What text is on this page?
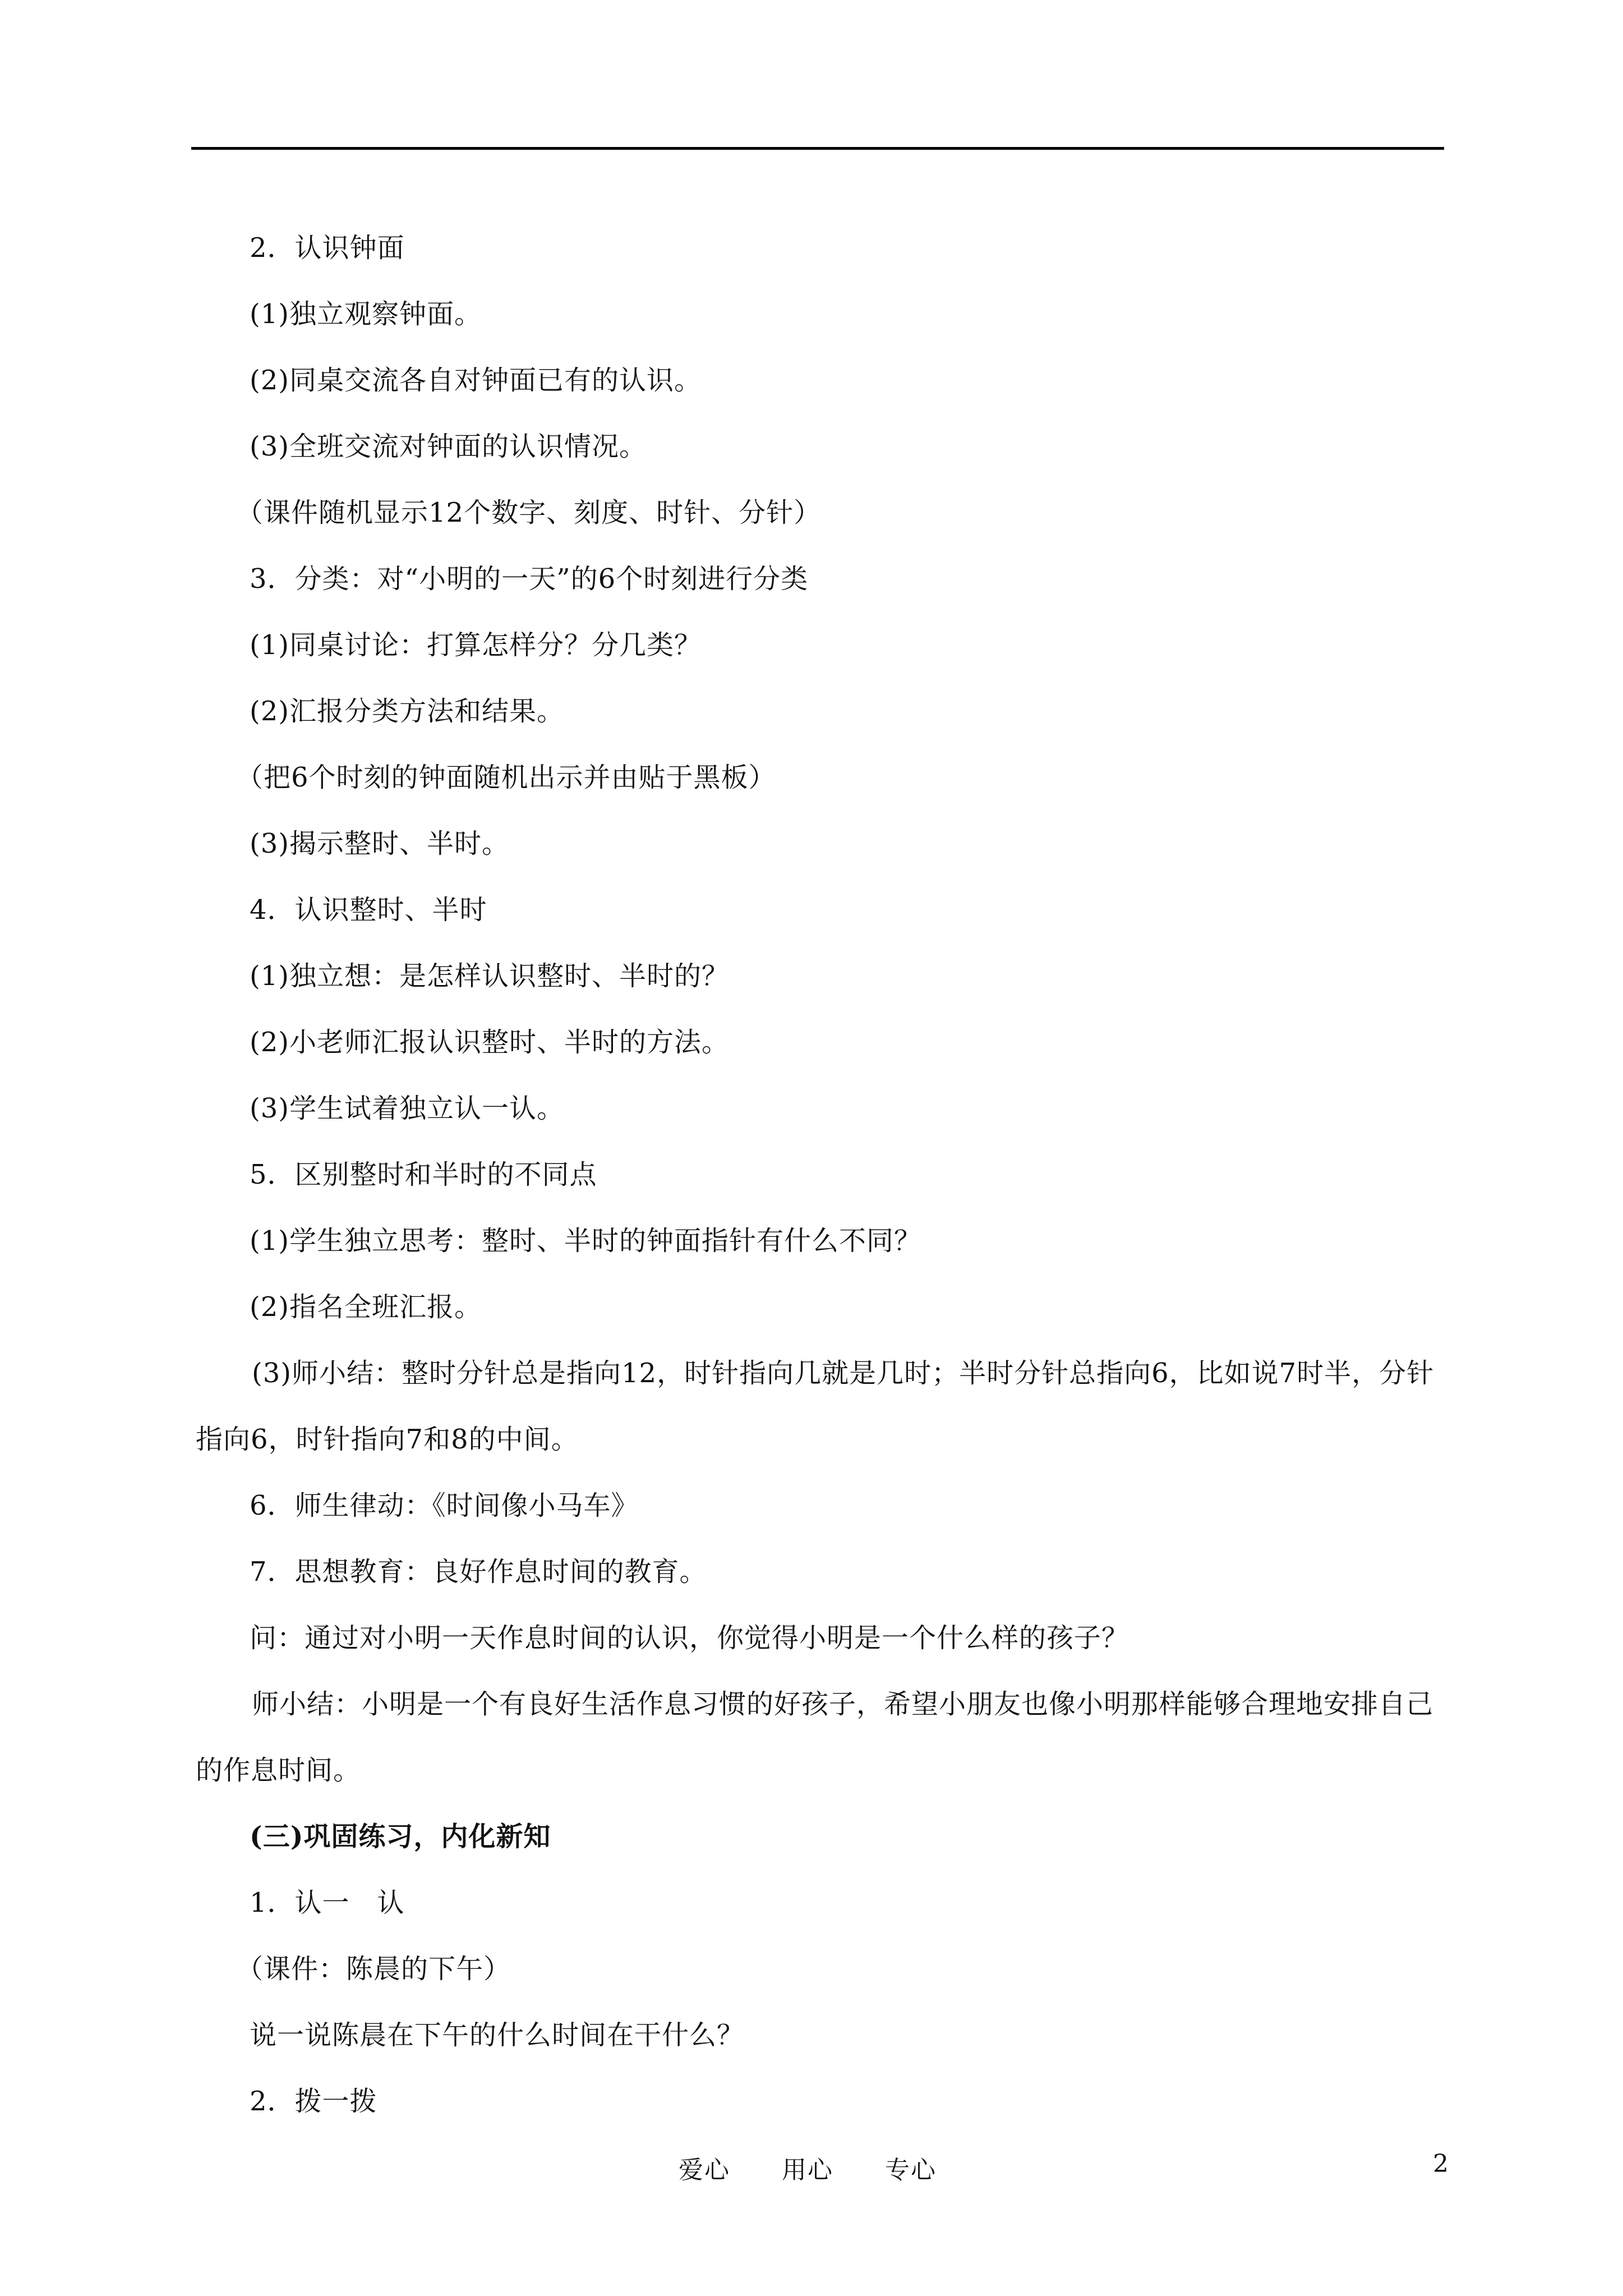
2．认识钟面
(1)独立观察钟面。
(2)同桌交流各自对钟面已有的认识。
(3)全班交流对钟面的认识情况。
（课件随机显示12个数字、刻度、时针、分针）
3．分类：对“小明的一天”的6个时刻进行分类
(1)同桌讨论：打算怎样分？分几类？
(2)汇报分类方法和结果。
（把6个时刻的钟面随机出示并由贴于黑板）
(3)揭示整时、半时。
4．认识整时、半时
(1)独立想：是怎样认识整时、半时的？
(2)小老师汇报认识整时、半时的方法。
(3)学生试着独立认一认。
5．区别整时和半时的不同点
(1)学生独立思考：整时、半时的钟面指针有什么不同？
(2)指名全班汇报。
(3)师小结：整时分针总是指向12，时针指向几就是几时；半时分针总指向6，比如说7时半，分针指向6，时针指向7和8的中间。
6．师生律动：《时间像小马车》
7．思想教育：良好作息时间的教育。
问：通过对小明一天作息时间的认识，你觉得小明是一个什么样的孩子？
师小结：小明是一个有良好生活作息习惯的好孩子，希望小朋友也像小明那样能够合理地安排自己的作息时间。
(三)巩固练习，内化新知
1．认一　认
（课件：陈晨的下午）
说一说陈晨在下午的什么时间在干什么？
2．拨一拨
爱心　　用心　　专心	2
